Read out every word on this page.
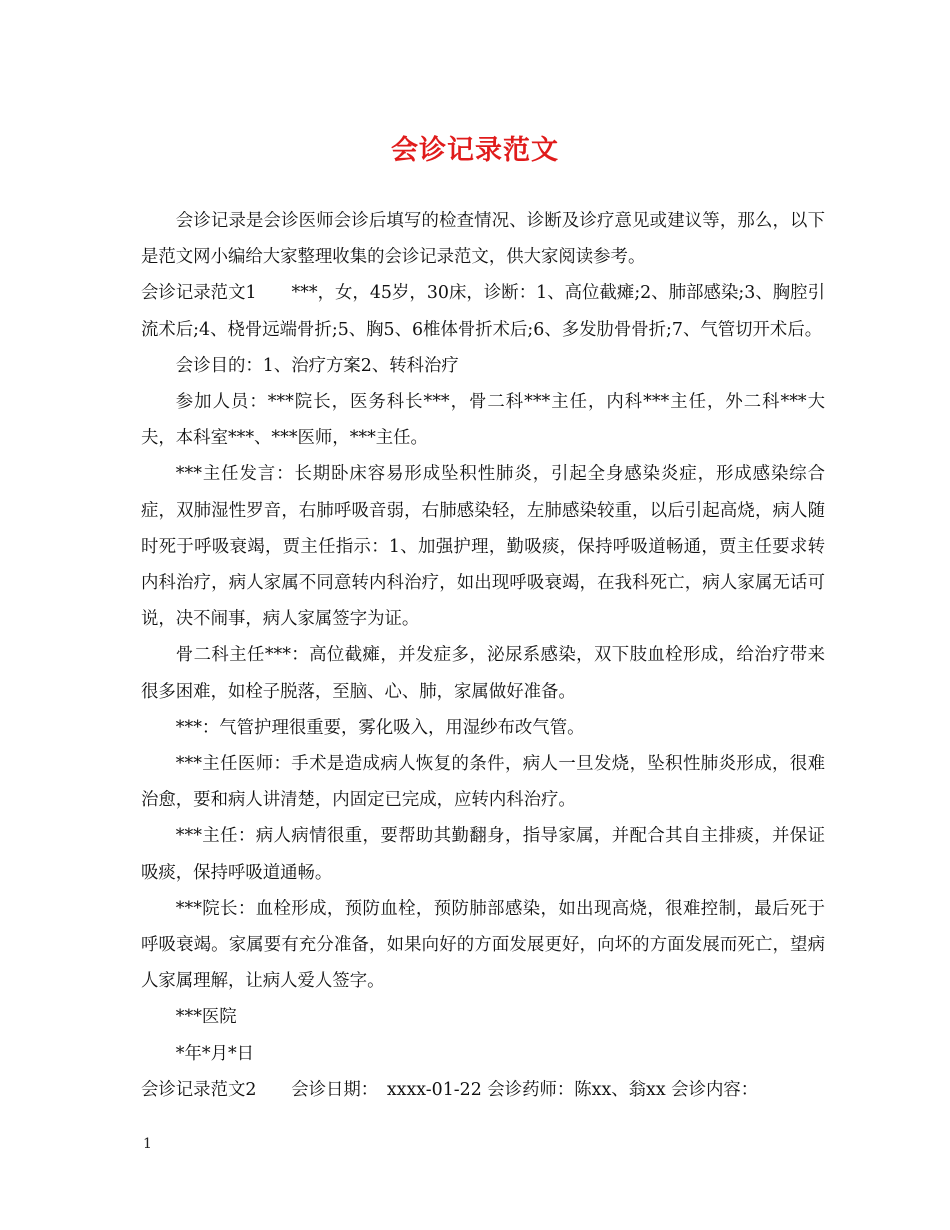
会诊记录范文

会诊记录是会诊医师会诊后填写的检查情况、诊断及诊疗意见或建议等，那么，以下是范文网小编给大家整理收集的会诊记录范文，供大家阅读参考。

会诊记录范文1　　***，女，45岁，30床，诊断：1、高位截瘫;2、肺部感染;3、胸腔引流术后;4、桡骨远端骨折;5、胸5、6椎体骨折术后;6、多发肋骨骨折;7、气管切开术后。

会诊目的：1、治疗方案2、转科治疗

参加人员：***院长，医务科长***，骨二科***主任，内科***主任，外二科***大夫，本科室***、***医师，***主任。

***主任发言：长期卧床容易形成坠积性肺炎，引起全身感染炎症，形成感染综合症，双肺湿性罗音，右肺呼吸音弱，右肺感染轻，左肺感染较重，以后引起高烧，病人随时死于呼吸衰竭，贾主任指示：1、加强护理，勤吸痰，保持呼吸道畅通，贾主任要求转内科治疗，病人家属不同意转内科治疗，如出现呼吸衰竭，在我科死亡，病人家属无话可说，决不闹事，病人家属签字为证。

骨二科主任***：高位截瘫，并发症多，泌尿系感染，双下肢血栓形成，给治疗带来很多困难，如栓子脱落，至脑、心、肺，家属做好准备。

***：气管护理很重要，雾化吸入，用湿纱布改气管。

***主任医师：手术是造成病人恢复的条件，病人一旦发烧，坠积性肺炎形成，很难治愈，要和病人讲清楚，内固定已完成，应转内科治疗。

***主任：病人病情很重，要帮助其勤翻身，指导家属，并配合其自主排痰，并保证吸痰，保持呼吸道通畅。

***院长：血栓形成，预防血栓，预防肺部感染，如出现高烧，很难控制，最后死于呼吸衰竭。家属要有充分准备，如果向好的方面发展更好，向坏的方面发展而死亡，望病人家属理解，让病人爱人签字。

***医院

*年*月*日

会诊记录范文2　　会诊日期：　xxxx-01-22 会诊药师：陈xx、翁xx 会诊内容：

1
